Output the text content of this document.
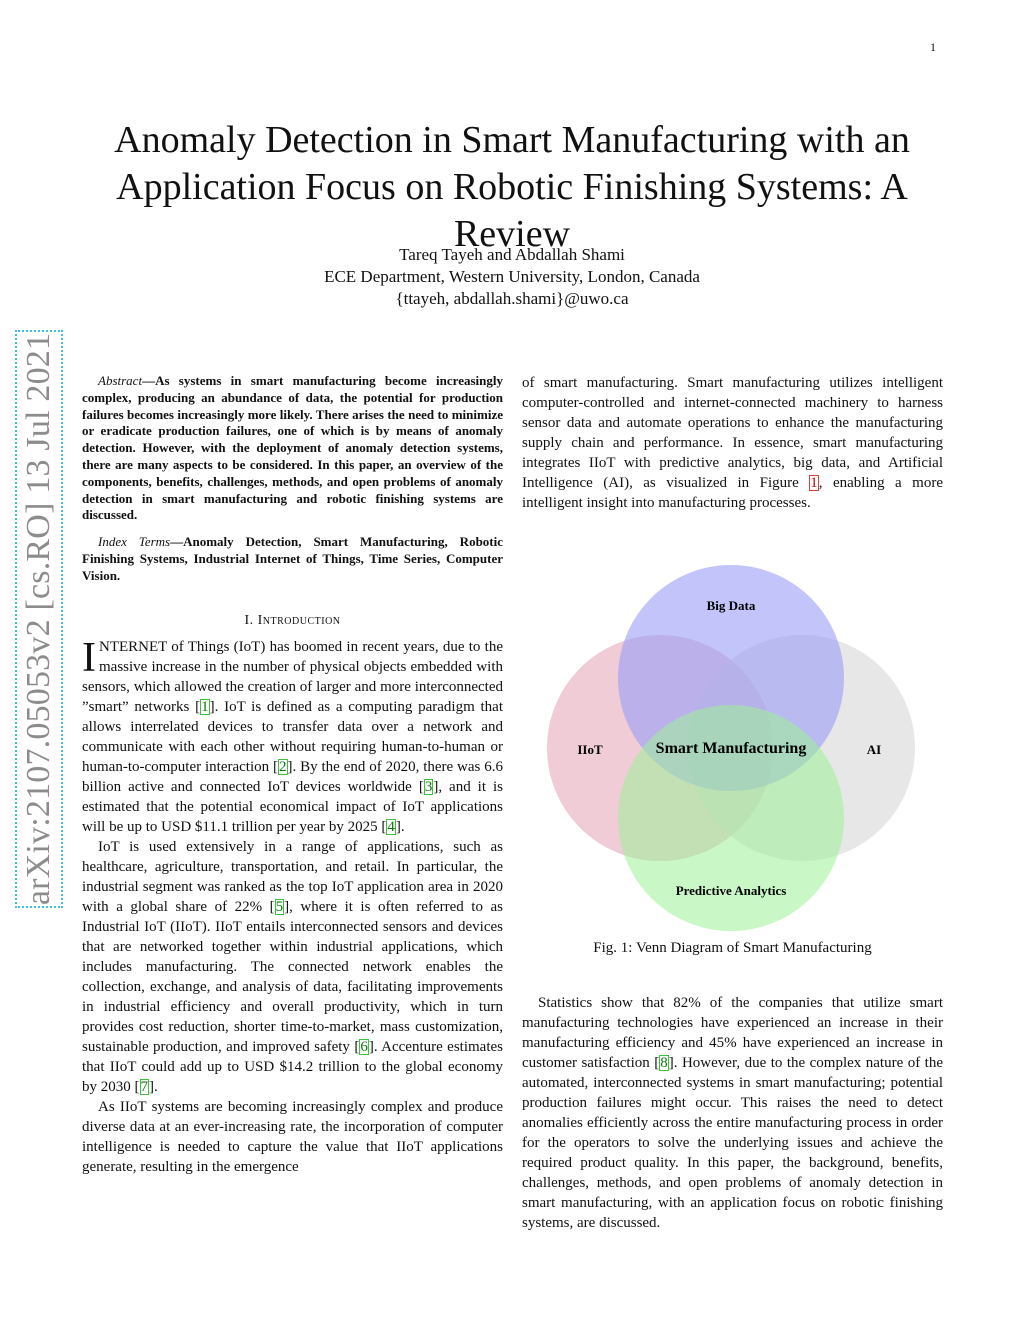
1
Anomaly Detection in Smart Manufacturing with an
Application Focus on Robotic Finishing Systems: A
Review
Tareq Tayeh and Abdallah Shami
ECE Department, Western University, London, Canada
{ttayeh, abdallah.shami}@uwo.ca
arXiv:2107.05053v2 [cs.RO] 13 Jul 2021	Abstract—As systems in smart manufacturing become increasingly complex, producing an abundance of data, the potential for production failures becomes increasingly more likely. There arises the need to minimize or eradicate production failures, one of which is by means of anomaly detection. However, with the deployment of anomaly detection systems, there are many aspects to be considered. In this paper, an overview of the components, benefits, challenges, methods, and open problems of anomaly detection in smart manufacturing and robotic finishing systems are discussed.

Index Terms—Anomaly Detection, Smart Manufacturing, Robotic Finishing Systems, Industrial Internet of Things, Time Series, Computer Vision.

I. Introduction

INTERNET of Things (IoT) has boomed in recent years, due to the massive increase in the number of physical objects embedded with sensors, which allowed the creation of larger and more interconnected ”smart” networks [1]. IoT is defined as a computing paradigm that allows interrelated devices to transfer data over a network and communicate with each other without requiring human-to-human or human-to-computer interaction [2]. By the end of 2020, there was 6.6 billion active and connected IoT devices worldwide [3], and it is estimated that the potential economical impact of IoT applications will be up to USD $11.1 trillion per year by 2025 [4].

IoT is used extensively in a range of applications, such as healthcare, agriculture, transportation, and retail. In particular, the industrial segment was ranked as the top IoT application area in 2020 with a global share of 22% [5], where it is often referred to as Industrial IoT (IIoT). IIoT entails interconnected sensors and devices that are networked together within industrial applications, which includes manufacturing. The connected network enables the collection, exchange, and analysis of data, facilitating improvements in industrial efficiency and overall productivity, which in turn provides cost reduction, shorter time-to-market, mass customization, sustainable production, and improved safety [6]. Accenture estimates that IIoT could add up to USD $14.2 trillion to the global economy by 2030 [7].

As IIoT systems are becoming increasingly complex and produce diverse data at an ever-increasing rate, the incorporation of computer intelligence is needed to capture the value that IIoT applications generate, resulting in the emergence

of smart manufacturing. Smart manufacturing utilizes intelligent computer-controlled and internet-connected machinery to harness sensor data and automate operations to enhance the manufacturing supply chain and performance. In essence, smart manufacturing integrates IIoT with predictive analytics, big data, and Artificial Intelligence (AI), as visualized in Figure 1, enabling a more intelligent insight into manufacturing processes.

Big Data
IIoT	AI
Predictive Analytics
Smart Manufacturing
Fig. 1: Venn Diagram of Smart Manufacturing

Statistics show that 82% of the companies that utilize smart manufacturing technologies have experienced an increase in their manufacturing efficiency and 45% have experienced an increase in customer satisfaction [8]. However, due to the complex nature of the automated, interconnected systems in smart manufacturing; potential production failures might occur. This raises the need to detect anomalies efficiently across the entire manufacturing process in order for the operators to solve the underlying issues and achieve the required product quality. In this paper, the background, benefits, challenges, methods, and open problems of anomaly detection in smart manufacturing, with an application focus on robotic finishing systems, are discussed.
